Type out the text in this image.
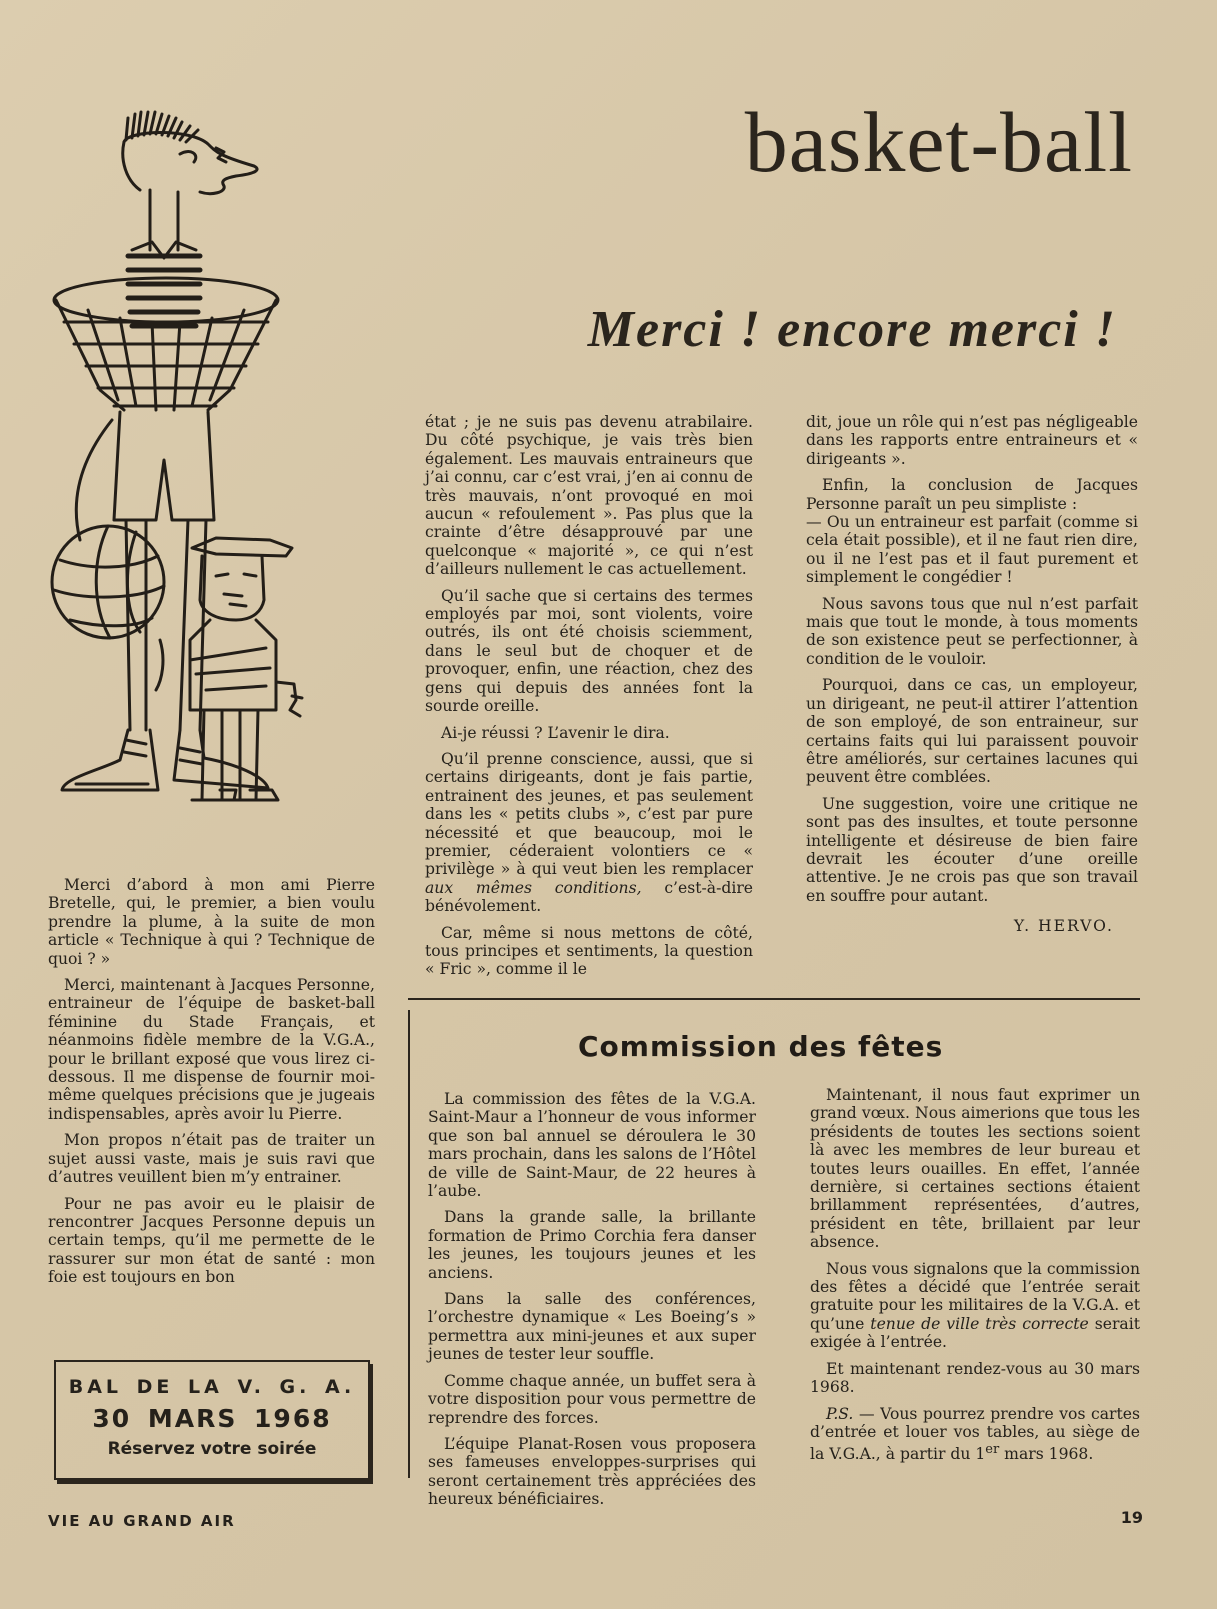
basket-ball
Merci ! encore merci !

Merci d’abord à mon ami Pierre Bretelle, qui, le premier, a bien voulu prendre la plume, à la suite de mon article « Technique à qui ? Technique de quoi ? »

Merci, maintenant à Jacques Personne, entraineur de l’équipe de basket-ball féminine du Stade Français, et néanmoins fidèle membre de la V.G.A., pour le brillant exposé que vous lirez ci-dessous. Il me dispense de fournir moi-même quelques précisions que je jugeais indispensables, après avoir lu Pierre.

Mon propos n’était pas de traiter un sujet aussi vaste, mais je suis ravi que d’autres veuillent bien m’y entrainer.

Pour ne pas avoir eu le plaisir de rencontrer Jacques Personne depuis un certain temps, qu’il me permette de le rassurer sur mon état de santé : mon foie est toujours en bon

état ; je ne suis pas devenu atrabilaire. Du côté psychique, je vais très bien également. Les mauvais entraineurs que j’ai connu, car c’est vrai, j’en ai connu de très mauvais, n’ont provoqué en moi aucun « refoulement ». Pas plus que la crainte d’être désapprouvé par une quelconque « majorité », ce qui n’est d’ailleurs nullement le cas actuellement.

Qu’il sache que si certains des termes employés par moi, sont violents, voire outrés, ils ont été choisis sciemment, dans le seul but de choquer et de provoquer, enfin, une réaction, chez des gens qui depuis des années font la sourde oreille.

Ai-je réussi ? L’avenir le dira.

Qu’il prenne conscience, aussi, que si certains dirigeants, dont je fais partie, entrainent des jeunes, et pas seulement dans les « petits clubs », c’est par pure nécessité et que beaucoup, moi le premier, céderaient volontiers ce « privilège » à qui veut bien les remplacer aux mêmes conditions, c’est-à-dire bénévolement.

Car, même si nous mettons de côté, tous principes et sentiments, la question « Fric », comme il le

dit, joue un rôle qui n’est pas négligeable dans les rapports entre entraineurs et « dirigeants ».

Enfin, la conclusion de Jacques Personne paraît un peu simpliste :

— Ou un entraineur est parfait (comme si cela était possible), et il ne faut rien dire, ou il ne l’est pas et il faut purement et simplement le congédier !

Nous savons tous que nul n’est parfait mais que tout le monde, à tous moments de son existence peut se perfectionner, à condition de le vouloir.

Pourquoi, dans ce cas, un employeur, un dirigeant, ne peut-il attirer l’attention de son employé, de son entraineur, sur certains faits qui lui paraissent pouvoir être améliorés, sur certaines lacunes qui peuvent être comblées.

Une suggestion, voire une critique ne sont pas des insultes, et toute personne intelligente et désireuse de bien faire devrait les écouter d’une oreille attentive. Je ne crois pas que son travail en souffre pour autant.

Y. HERVO.
Commission des fêtes

La commission des fêtes de la V.G.A. Saint-Maur a l’honneur de vous informer que son bal annuel se déroulera le 30 mars prochain, dans les salons de l’Hôtel de ville de Saint-Maur, de 22 heures à l’aube.

Dans la grande salle, la brillante formation de Primo Corchia fera danser les jeunes, les toujours jeunes et les anciens.

Dans la salle des conférences, l’orchestre dynamique « Les Boeing’s » permettra aux mini-jeunes et aux super jeunes de tester leur souffle.

Comme chaque année, un buffet sera à votre disposition pour vous permettre de reprendre des forces.

L’équipe Planat-Rosen vous proposera ses fameuses enveloppes-surprises qui seront certainement très appréciées des heureux bénéficiaires.

Maintenant, il nous faut exprimer un grand vœux. Nous aimerions que tous les présidents de toutes les sections soient là avec les membres de leur bureau et toutes leurs ouailles. En effet, l’année dernière, si certaines sections étaient brillamment représentées, d’autres, président en tête, brillaient par leur absence.

Nous vous signalons que la commission des fêtes a décidé que l’entrée serait gratuite pour les militaires de la V.G.A. et qu’une tenue de ville très correcte serait exigée à l’entrée.

Et maintenant rendez-vous au 30 mars 1968.

P.S. — Vous pourrez prendre vos cartes d’entrée et louer vos tables, au siège de la V.G.A., à partir du 1er mars 1968.

BAL DE LA V. G. A.
30 MARS 1968
Réservez votre soirée
VIE AU GRAND AIR	19
